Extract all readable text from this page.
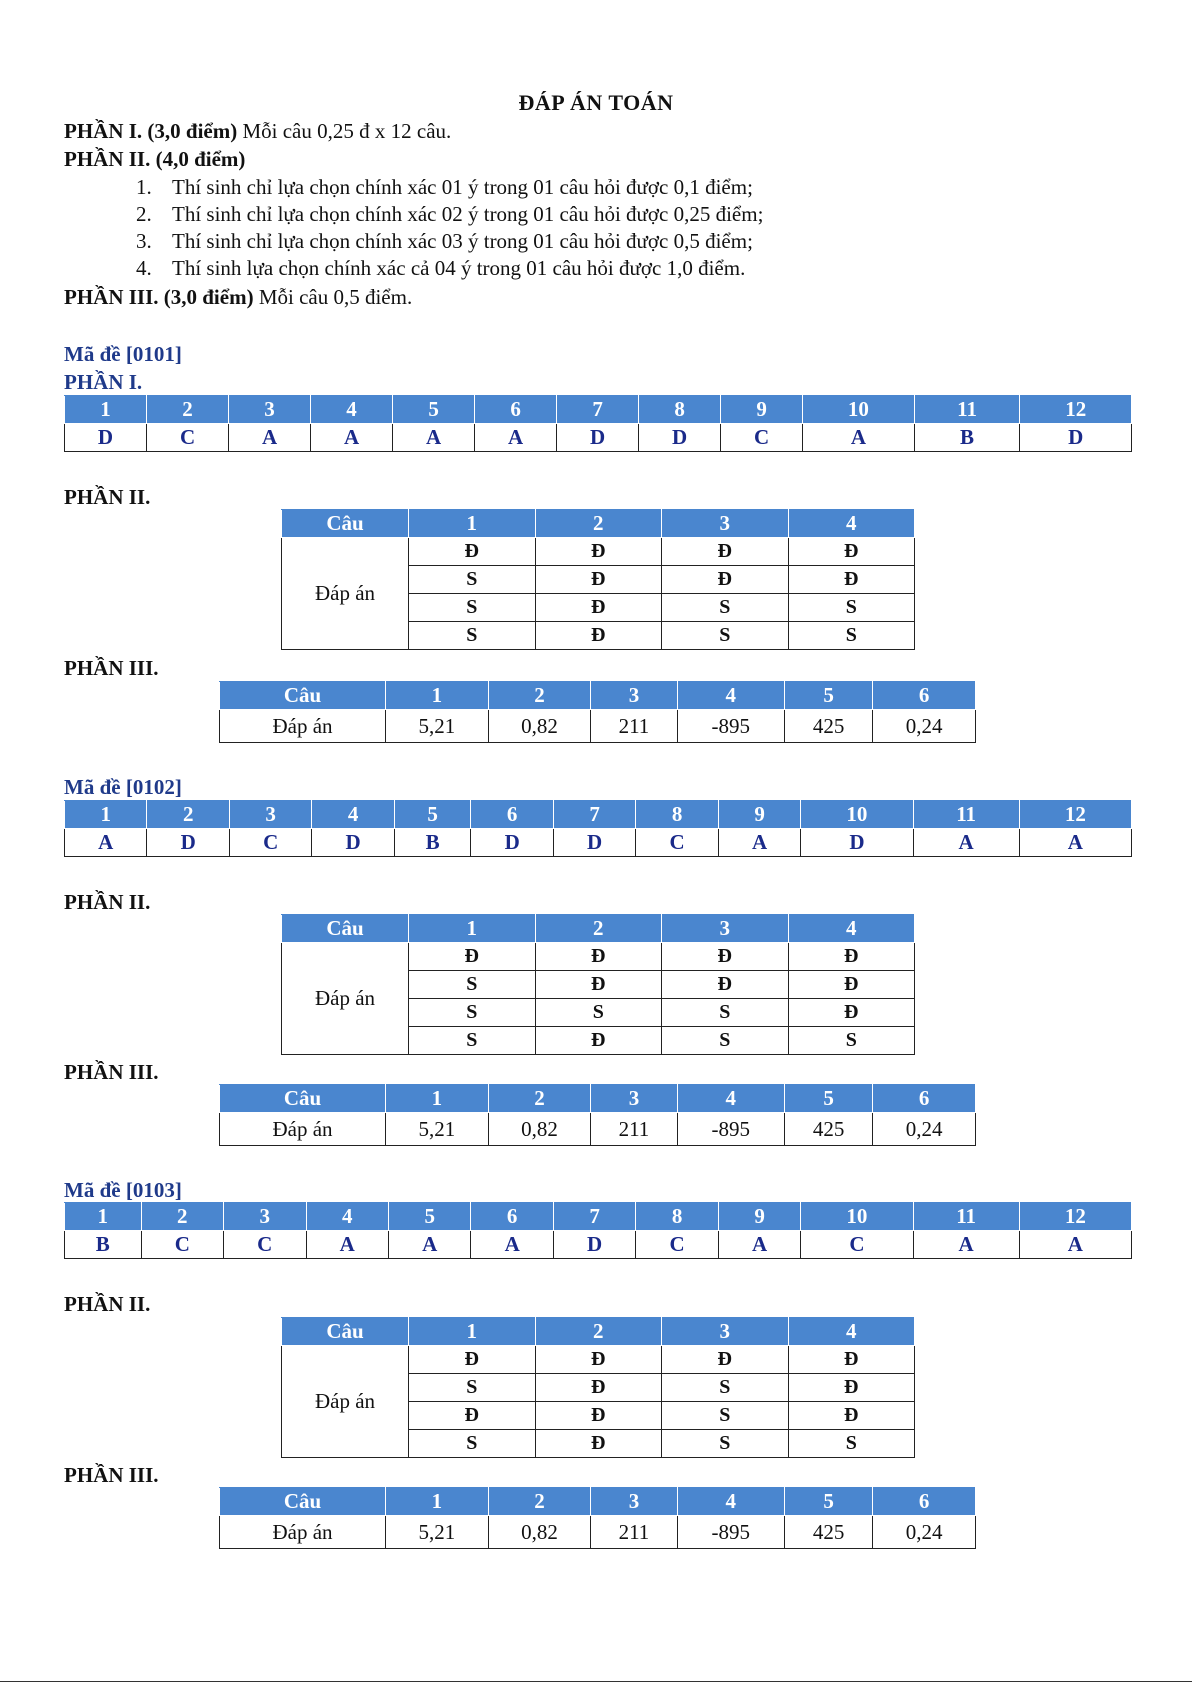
ĐÁP ÁN TOÁN
PHẦN I. (3,0 điểm) Mỗi câu 0,25 đ x 12 câu.
PHẦN II. (4,0 điểm)
1. Thí sinh chỉ lựa chọn chính xác 01 ý trong 01 câu hỏi được 0,1 điểm;
2. Thí sinh chỉ lựa chọn chính xác 02 ý trong 01 câu hỏi được 0,25 điểm;
3. Thí sinh chỉ lựa chọn chính xác 03 ý trong 01 câu hỏi được 0,5 điểm;
4. Thí sinh lựa chọn chính xác cả 04 ý trong 01 câu hỏi được 1,0 điểm.
PHẦN III. (3,0 điểm) Mỗi câu 0,5 điểm.
Mã đề [0101]
PHẦN I.
1	2	3	4	5	6	7	8	9	10	11	12
D	C	A	A	A	A	D	D	C	A	B	D
PHẦN II.
Câu	1	2	3	4
Đáp án	Đ	Đ	Đ	Đ
	S	Đ	Đ	Đ
	S	Đ	S	S
	S	Đ	S	S
PHẦN III.
Câu	1	2	3	4	5	6
Đáp án	5,21	0,82	211	-895	425	0,24
Mã đề [0102]
1	2	3	4	5	6	7	8	9	10	11	12
A	D	C	D	B	D	D	C	A	D	A	A
PHẦN II.
Câu	1	2	3	4
Đáp án	Đ	Đ	Đ	Đ
	S	Đ	Đ	Đ
	S	S	S	Đ
	S	Đ	S	S
PHẦN III.
Câu	1	2	3	4	5	6
Đáp án	5,21	0,82	211	-895	425	0,24
Mã đề [0103]
1	2	3	4	5	6	7	8	9	10	11	12
B	C	C	A	A	A	D	C	A	C	A	A
PHẦN II.
Câu	1	2	3	4
Đáp án	Đ	Đ	Đ	Đ
	S	Đ	S	Đ
	Đ	Đ	S	Đ
	S	Đ	S	S
PHẦN III.
Câu	1	2	3	4	5	6
Đáp án	5,21	0,82	211	-895	425	0,24
